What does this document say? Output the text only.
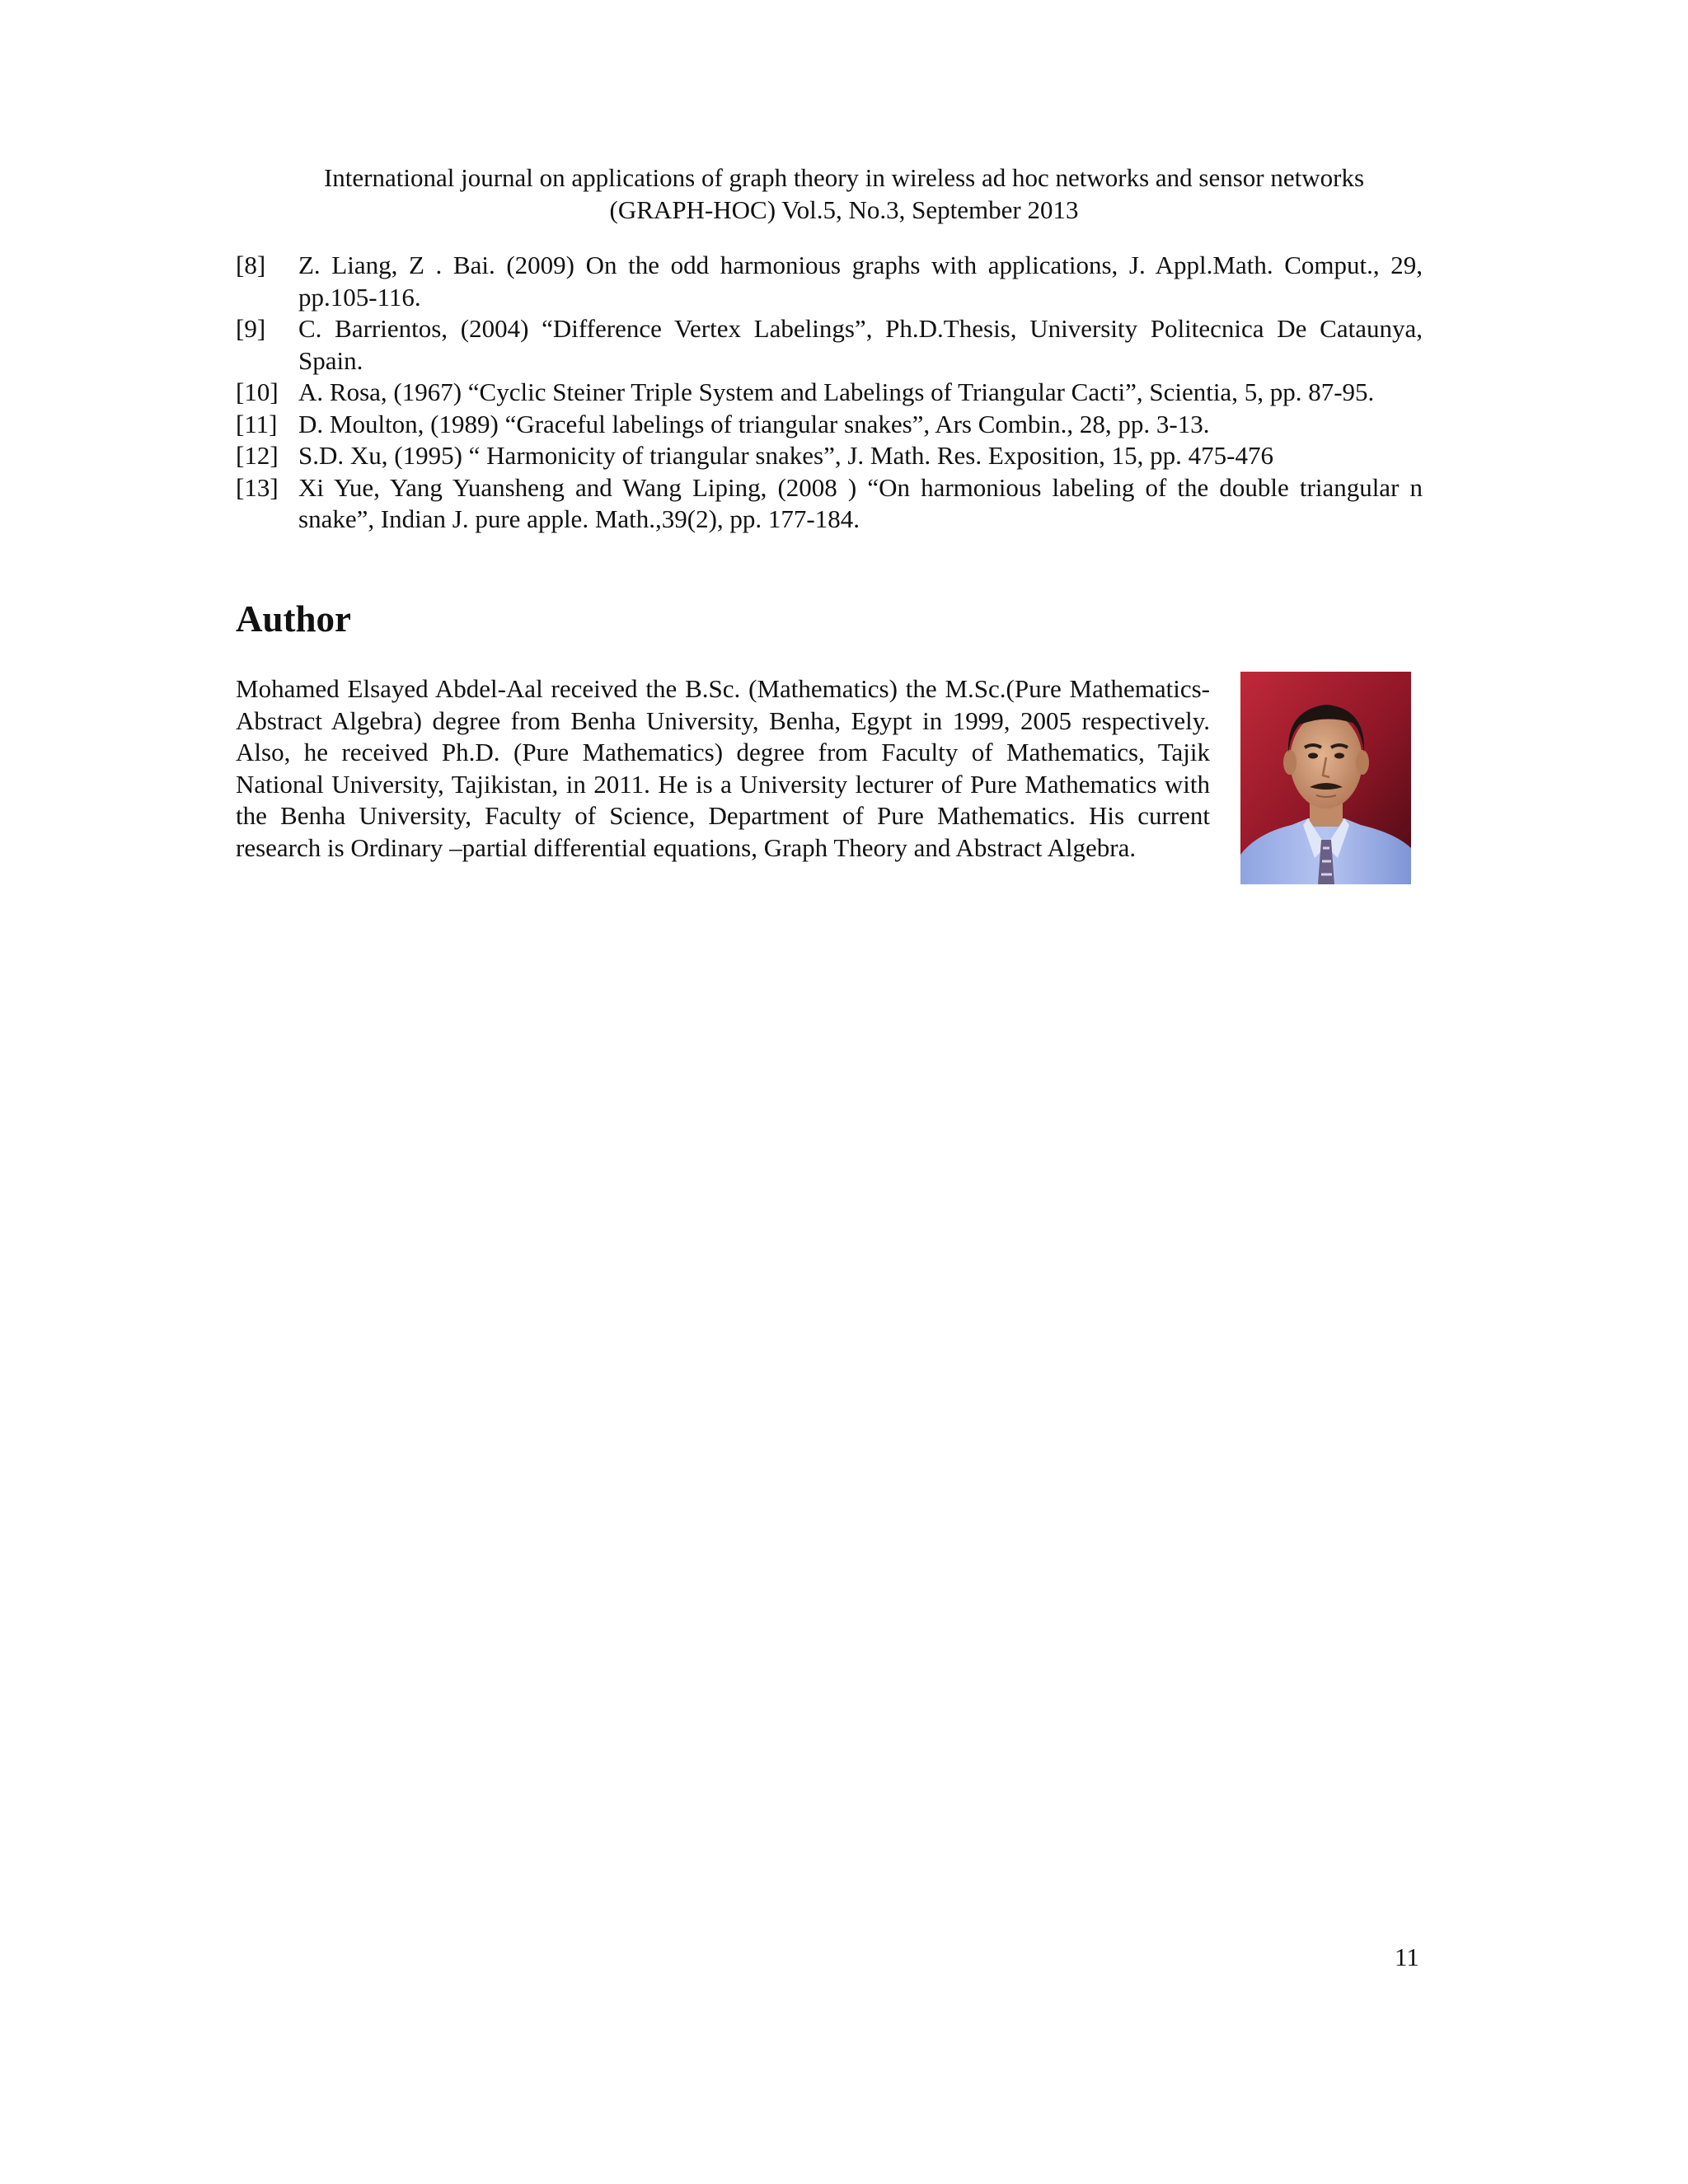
International journal on applications of graph theory in wireless ad hoc networks and sensor networks
(GRAPH-HOC) Vol.5, No.3, September 2013
[8]	Z. Liang, Z . Bai. (2009) On the odd harmonious graphs with applications, J. Appl.Math. Comput., 29, pp.105-116.
[9]	C. Barrientos, (2004) “Difference Vertex Labelings”, Ph.D.Thesis, University Politecnica De Cataunya, Spain.
[10] A. Rosa, (1967) “Cyclic Steiner Triple System and Labelings of Triangular Cacti”, Scientia, 5, pp. 87-95.
[11] D. Moulton, (1989) “Graceful labelings of triangular snakes”, Ars Combin., 28, pp. 3-13.
[12] S.D. Xu, (1995) “ Harmonicity of triangular snakes”, J. Math. Res. Exposition, 15, pp. 475-476
[13] Xi Yue, Yang Yuansheng and Wang Liping, (2008 ) “On harmonious labeling of the double triangular n snake”, Indian J. pure apple. Math.,39(2), pp. 177-184.
Author

Mohamed Elsayed Abdel-Aal received the B.Sc. (Mathematics) the M.Sc.(Pure Mathematics-Abstract Algebra) degree from Benha University, Benha, Egypt in 1999, 2005 respectively. Also, he received Ph.D. (Pure Mathematics) degree from Faculty of Mathematics, Tajik National University, Tajikistan, in 2011. He is a University lecturer of Pure Mathematics with the Benha University, Faculty of Science, Department of Pure Mathematics. His current research is Ordinary –partial differential equations, Graph Theory and Abstract Algebra.

11
